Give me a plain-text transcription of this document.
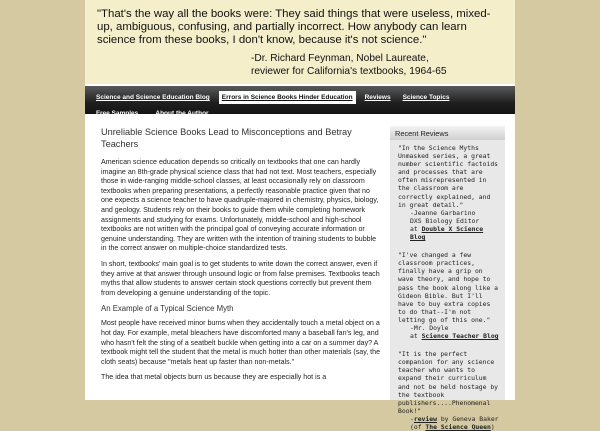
"That's the way all the books were: They said things that were useless, mixed-up, ambiguous, confusing, and partially incorrect. How anybody can learn science from these books, I don't know, because it's not science."
-Dr. Richard Feynman, Nobel Laureate,
reviewer for California's textbooks, 1964-65
Science and Science Education Blog Errors in Science Books Hinder Education Reviews Science TopicsFree Samples	About the Author
Unreliable Science Books Lead to Misconceptions and Betray Teachers

American science education depends so critically on textbooks that one can hardly imagine an 8th-grade physical science class that had not text. Most teachers, especially those in wide-ranging middle-school classes, at least occasionally rely on classroom textbooks when preparing presentations, a perfectly reasonable practice given that no one expects a science teacher to have quadruple-majored in chemistry, physics, biology, and geology. Students rely on their books to guide them while completing homework assignments and studying for exams. Unfortunately, middle-school and high-school textbooks are not written with the principal goal of conveying accurate information or genuine understanding. They are written with the intention of training students to bubble in the correct answer on multiple-choice standardized tests.

In short, textbooks' main goal is to get students to write down the correct answer, even if they arrive at that answer through unsound logic or from false premises. Textbooks teach myths that allow students to answer certain stock questions correctly but prevent them from developing a genuine understanding of the topic.

An Example of a Typical Science Myth

Most people have received minor burns when they accidentally touch a metal object on a hot day. For example, metal bleachers have discomforted many a baseball fan's leg, and who hasn't felt the sting of a seatbelt buckle when getting into a car on a summer day? A textbook might tell the student that the metal is much hotter than other materials (say, the cloth seats) because "metals heat up faster than non-metals."

The idea that metal objects burn us because they are especially hot is a

Recent Reviews
"In the Science Myths Unmasked series, a great number scientific factoids and processes that are often misrepresented in the classroom are correctly explained, and in great detail."
-Jeanne Garbarino
DXS Biology Editor
at Double X Science Blog
"I've changed a few classroom practices, finally have a grip on wave theory, and hope to pass the book along like a Gideon Bible. But I'll have to buy extra copies to do that--I'm not letting go of this one."
-Mr. Doyle
at Science Teacher Blog
"It is the perfect companion for any science teacher who wants to expand their curriculum and not be held hostage by the textbook publishers....Phenomenal Book!"
-review by Geneva Baker
(of The Science Queen)
